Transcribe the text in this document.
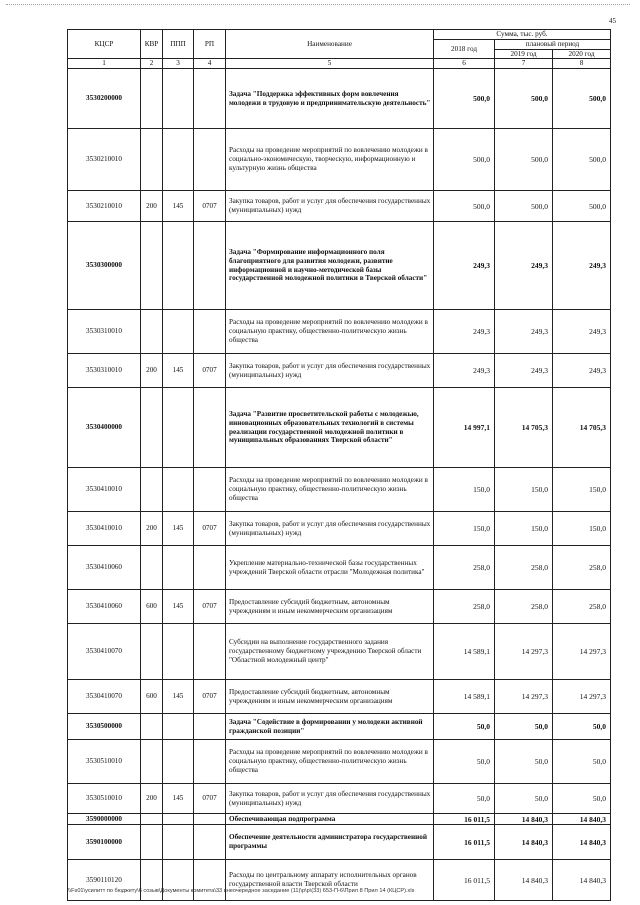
45
КЦСР	КВР	ППП	РП	Наименование	Сумма, тыс. руб.		
					2018 год	плановый период	
						2019 год	2020 год
1	2	3	4	5	6	7	8
3530200000				Задача "Поддержка эффективных форм вовлечения молодежи в трудовую и предпринимательскую деятельность"	500,0	500,0	500,0
3530210010				Расходы на проведение мероприятий по вовлечению молодежи в социально-экономическую, творческую, информационную и культурную жизнь общества	500,0	500,0	500,0
3530210010	200	145	0707	Закупка товаров, работ и услуг для обеспечения государственных (муниципальных) нужд	500,0	500,0	500,0
3530300000				Задача "Формирование информационного поля благоприятного для развития молодежи, развитие информационной и научно-методической базы государственной молодежной политики в Тверской области"	249,3	249,3	249,3
3530310010				Расходы на проведение мероприятий по вовлечению молодежи в социальную практику, общественно-политическую жизнь общества	249,3	249,3	249,3
3530310010	200	145	0707	Закупка товаров, работ и услуг для обеспечения государственных (муниципальных) нужд	249,3	249,3	249,3
3530400000				Задача "Развитие просветительской работы с молодежью, инновационных образовательных технологий в системы реализации государственной молодежной политики в муниципальных образованиях Тверской области"	14 997,1	14 705,3	14 705,3
3530410010				Расходы на проведение мероприятий по вовлечению молодежи в социальную практику, общественно-политическую жизнь общества	150,0	150,0	150,0
3530410010	200	145	0707	Закупка товаров, работ и услуг для обеспечения государственных (муниципальных) нужд	150,0	150,0	150,0
3530410060				Укрепление материально-технической базы государственных учреждений Тверской области отрасли "Молодежная политика"	258,0	258,0	258,0
3530410060	600	145	0707	Предоставление субсидий бюджетным, автономным учреждениям и иным некоммерческим организациям	258,0	258,0	258,0
3530410070				Субсидии на выполнение государственного задания государственному бюджетному учреждению Тверской области "Областной молодежный центр"	14 589,1	14 297,3	14 297,3
3530410070	600	145	0707	Предоставление субсидий бюджетным, автономным учреждениям и иным некоммерческим организациям	14 589,1	14 297,3	14 297,3
3530500000				Задача "Содействие в формировании у молодежи активной гражданской позиции"	50,0	50,0	50,0
3530510010				Расходы на проведение мероприятий по вовлечению молодежи в социальную практику, общественно-политическую жизнь общества	50,0	50,0	50,0
3530510010	200	145	0707	Закупка товаров, работ и услуг для обеспечения государственных (муниципальных) нужд	50,0	50,0	50,0
3590000000				Обеспечивающая подпрограмма	16 011,5	14 840,3	14 840,3
3590100000				Обеспечение деятельности администратора государственной программы	16 011,5	14 840,3	14 840,3
3590110120				Расходы по центральному аппарату исполнительных органов государственной власти Тверской области	16 011,5	14 840,3	14 840,3
\\Fs01\усилитт по бюджету\6 созыв\Документы комитета\33 внеочередное заседание (11)\р\р\(33) 653-П-6\Прил 8 Прил 14 (КЦСР).xls
